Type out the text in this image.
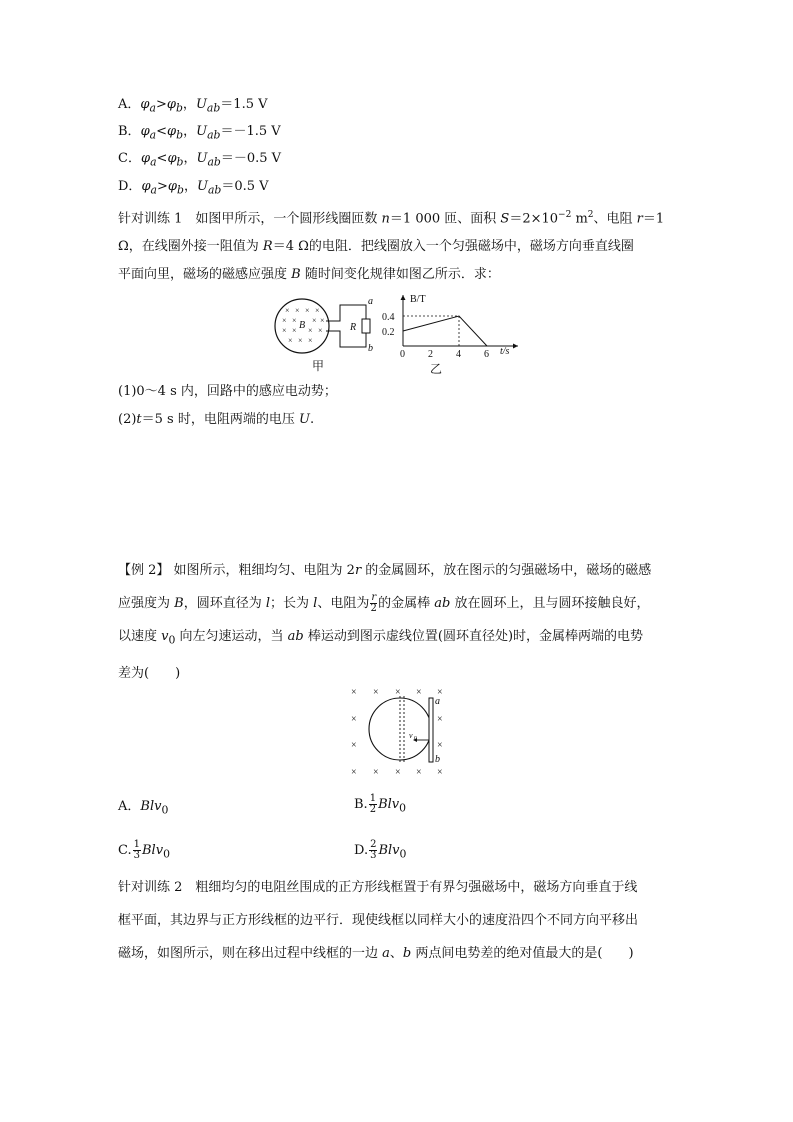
A．$\varphi_a>\varphi_b$，$U_{ab}=1.5$ V
B．$\varphi_a<\varphi_b$，$U_{ab}=-1.5$ V
C．$\varphi_a<\varphi_b$，$U_{ab}=-0.5$ V
D．$\varphi_a>\varphi_b$，$U_{ab}=0.5$ V
针对训练 1　如图甲所示，一个圆形线圈匝数 n＝1 000 匝、面积 $S=2\times 10^{-2}$ $m^2$、电阻 r＝1
Ω，在线圈外接一阻值为 R＝4 Ω的电阻．把线圈放入一个匀强磁场中，磁场方向垂直线圈
平面向里，磁场的磁感应强度 B 随时间变化规律如图乙所示．求：
× × × ×
× × × ×
× × × ×
× × ×
B	R
a
b
甲
B/T
t/s
0.2
0.4
0 2 4 6
乙
(1)0～4 s 内，回路中的感应电动势；
(2)t＝5 s 时，电阻两端的电压 U.
【例 2】 如图所示，粗细均匀、电阻为 2r 的金属圆环，放在图示的匀强磁场中，磁场的磁感
应强度为 B，圆环直径为 l；长为 l、电阻为 $\frac{r}{2}$ 的金属棒 ab 放在圆环上，且与圆环接触良好，
以速度 $v_0$ 向左匀速运动，当 ab 棒运动到图示虚线位置(圆环直径处)时，金属棒两端的电势
差为(　　)
× × × × ×
×	×
×	×
× × × × ×
v 0
a
b
A．Blv$_0$	B. $\frac{1}{2} Blv_0$
C. $\frac{1}{3} Blv_0$	D. $\frac{2}{3} Blv_0$
针对训练 2　粗细均匀的电阻丝围成的正方形线框置于有界匀强磁场中，磁场方向垂直于线
框平面，其边界与正方形线框的边平行．现使线框以同样大小的速度沿四个不同方向平移出
磁场，如图所示，则在移出过程中线框的一边 a、b 两点间电势差的绝对值最大的是(　　)
